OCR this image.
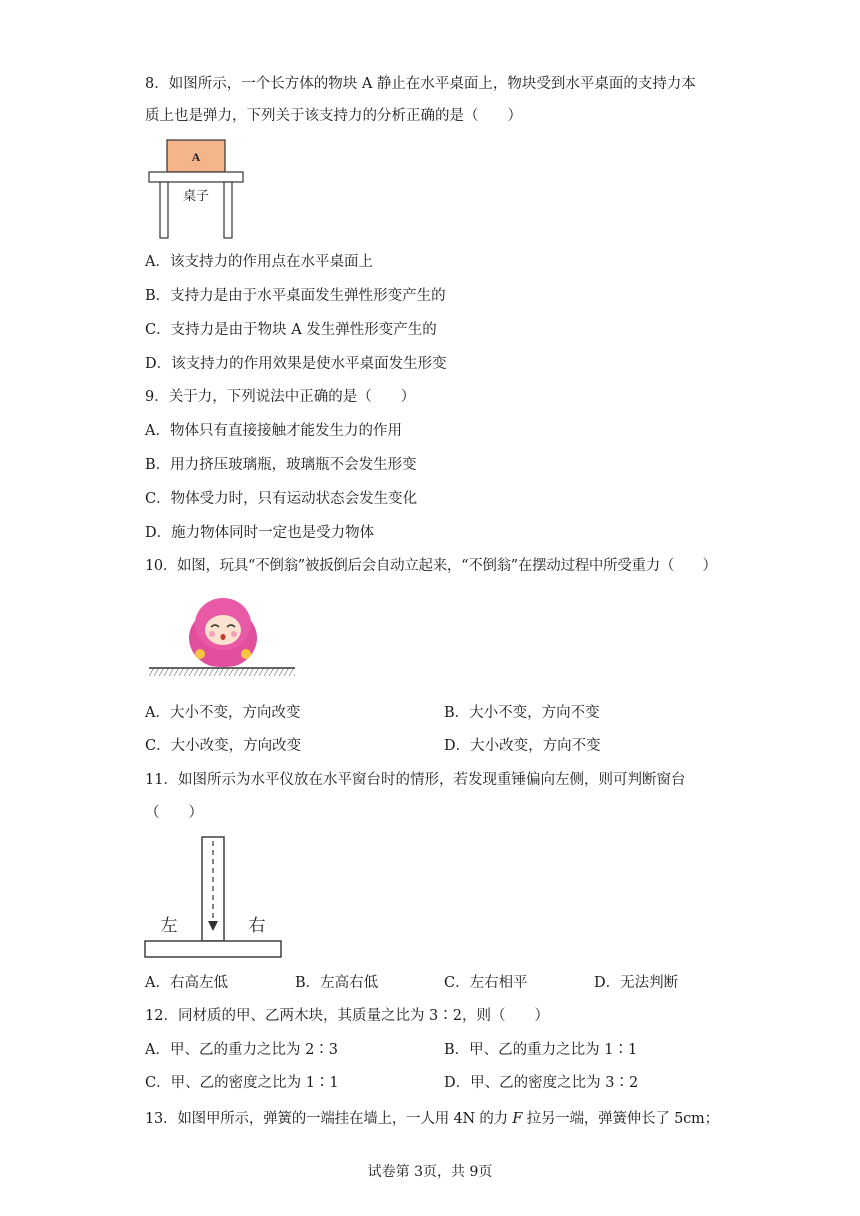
8．如图所示，一个长方体的物块 A 静止在水平桌面上，物块受到水平桌面的支持力本
质上也是弹力，下列关于该支持力的分析正确的是（　　）
A
桌子
A．该支持力的作用点在水平桌面上
B．支持力是由于水平桌面发生弹性形变产生的
C．支持力是由于物块 A 发生弹性形变产生的
D．该支持力的作用效果是使水平桌面发生形变
9．关于力，下列说法中正确的是（　　）
A．物体只有直接接触才能发生力的作用
B．用力挤压玻璃瓶，玻璃瓶不会发生形变
C．物体受力时，只有运动状态会发生变化
D．施力物体同时一定也是受力物体
10．如图，玩具“不倒翁”被扳倒后会自动立起来，“不倒翁”在摆动过程中所受重力（　　）
A．大小不变，方向改变	B．大小不变，方向不变
C．大小改变，方向改变	D．大小改变，方向不变
11．如图所示为水平仪放在水平窗台时的情形，若发现重锤偏向左侧，则可判断窗台
（　　）
左	右
A．右高左低	B．左高右低	C．左右相平	D．无法判断
12．同材质的甲、乙两木块，其质量之比为 3∶2，则（　　）
A．甲、乙的重力之比为 2∶3	B．甲、乙的重力之比为 1∶1
C．甲、乙的密度之比为 1∶1	D．甲、乙的密度之比为 3∶2
13．如图甲所示，弹簧的一端挂在墙上，一人用 4N 的力 F 拉另一端，弹簧伸长了 5cm；
试卷第 3页，共 9页
